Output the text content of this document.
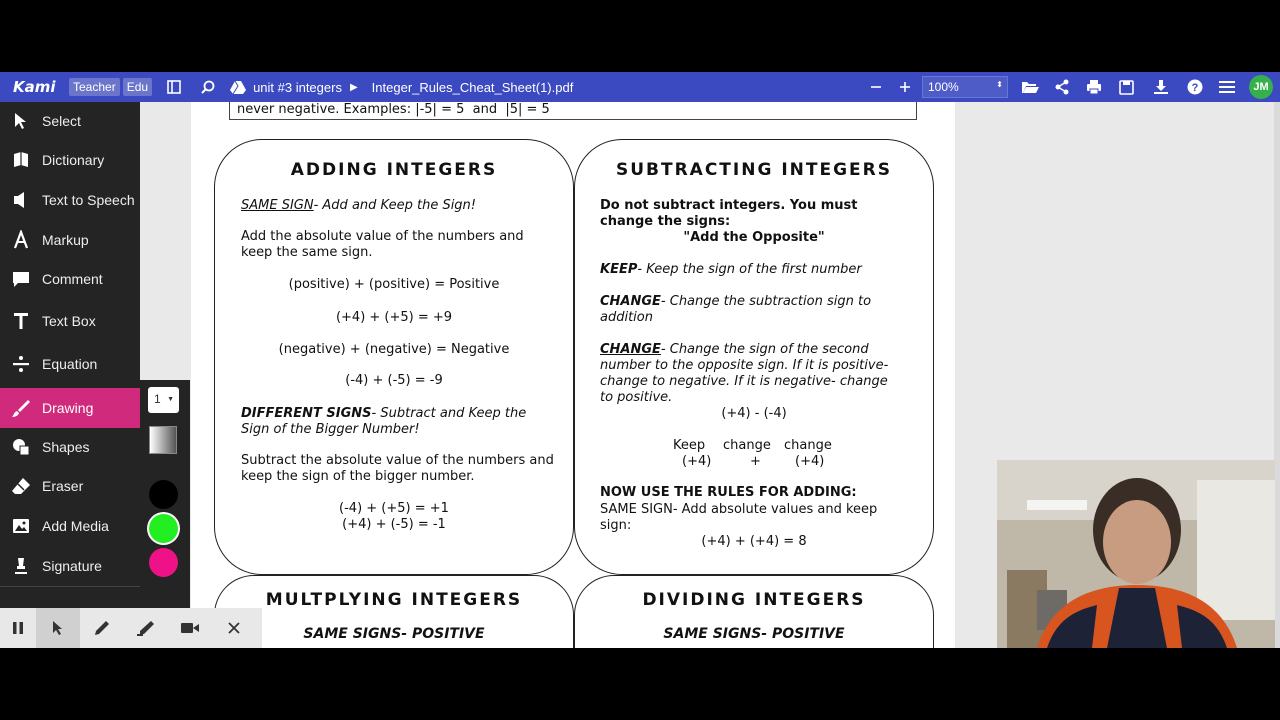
Kami	Teacher Edu	unit #3 integers ▶ Integer_Rules_Cheat_Sheet(1).pdf	100%	⬍	?	JM
never negative. Examples: |-5| = 5  and  |5| = 5
ADDING INTEGERS
SAME SIGN- Add and Keep the Sign!
Add the absolute value of the numbers and keep the same sign.
(positive) + (positive) = Positive
(+4) + (+5) = +9
(negative) + (negative) = Negative
(-4) + (-5) = -9
DIFFERENT SIGNS- Subtract and Keep the Sign of the Bigger Number!
Subtract the absolute value of the numbers and keep the sign of the bigger number.
(-4) + (+5) = +1
(+4) + (-5) = -1
SUBTRACTING INTEGERS
Do not subtract integers. You must change the signs:
"Add the Opposite"
KEEP- Keep the sign of the first number
CHANGE- Change the subtraction sign to addition
CHANGE- Change the sign of the second number to the opposite sign. If it is positive- change to negative. If it is negative- change to positive.
(+4) - (-4)
Keep change change
(+4)	+	(+4)
NOW USE THE RULES FOR ADDING:
SAME SIGN- Add absolute values and keep sign:
(+4) + (+4) = 8
MULTPLYING INTEGERS
SAME SIGNS- POSITIVE
DIVIDING INTEGERS
SAME SIGNS- POSITIVE
Select
Dictionary
Text to Speech
Markup
Comment
Text Box
Equation
Drawing
Shapes
Eraser
Add Media
Signature
1 ▼
